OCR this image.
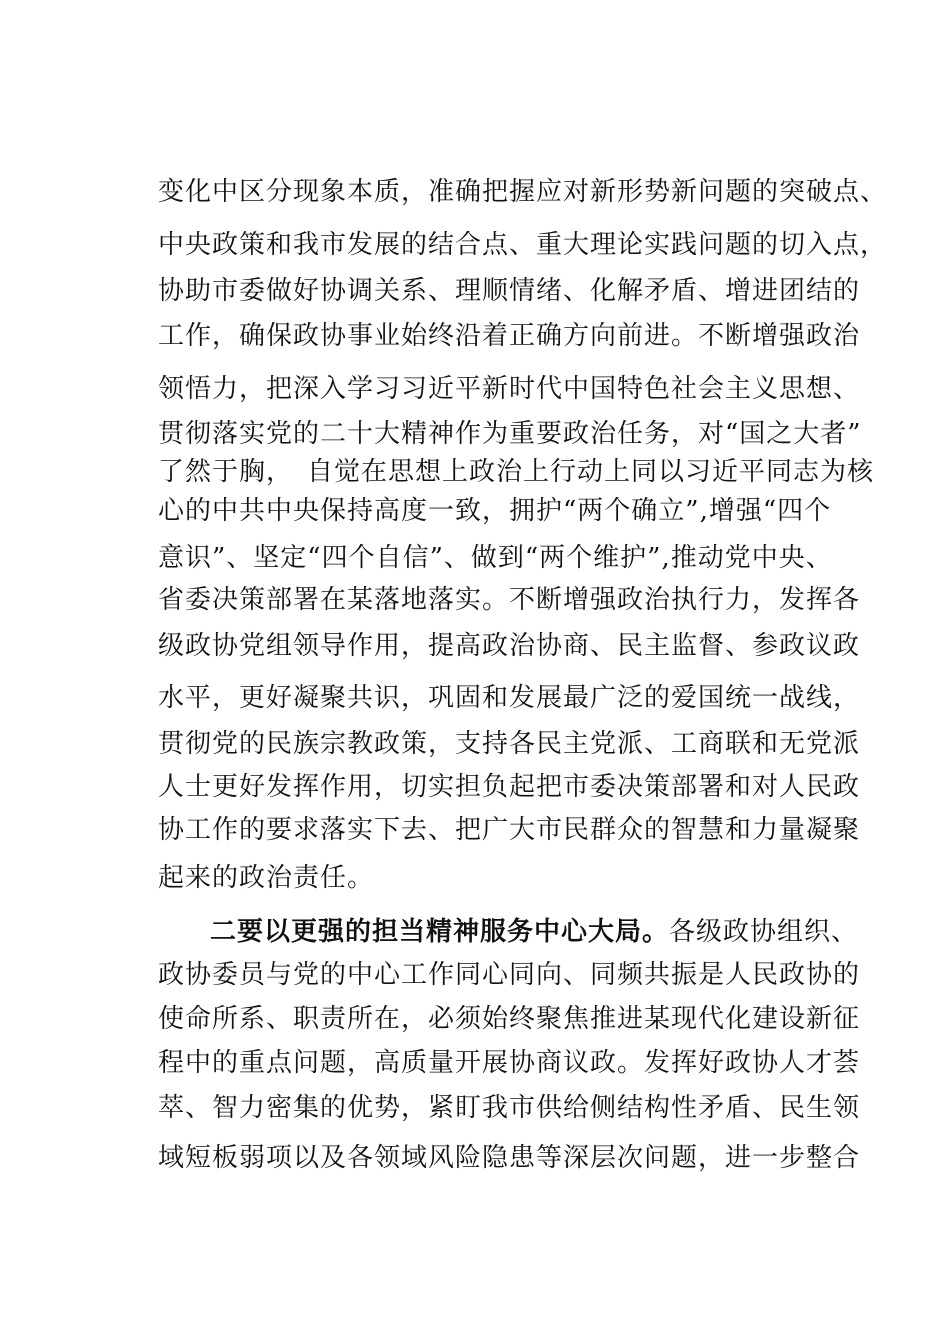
变化中区分现象本质，准确把握应对新形势新问题的突破点、
中央政策和我市发展的结合点、重大理论实践问题的切入点，
协助市委做好协调关系、理顺情绪、化解矛盾、增进团结的
工作，确保政协事业始终沿着正确方向前进。不断增强政治
领悟力，把深入学习习近平新时代中国特色社会主义思想、
贯彻落实党的二十大精神作为重要政治任务，对“国之大者”
了然于胸，　自觉在思想上政治上行动上同以习近平同志为核
心的中共中央保持高度一致，拥护“两个确立”,增强“四个
意识”、坚定“四个自信”、做到“两个维护”,推动党中央、
省委决策部署在某落地落实。不断增强政治执行力，发挥各
级政协党组领导作用，提高政治协商、民主监督、参政议政
水平，更好凝聚共识，巩固和发展最广泛的爱国统一战线，
贯彻党的民族宗教政策，支持各民主党派、工商联和无党派
人士更好发挥作用，切实担负起把市委决策部署和对人民政
协工作的要求落实下去、把广大市民群众的智慧和力量凝聚
起来的政治责任。
二要以更强的担当精神服务中心大局。各级政协组织、
政协委员与党的中心工作同心同向、同频共振是人民政协的
使命所系、职责所在，必须始终聚焦推进某现代化建设新征
程中的重点问题，高质量开展协商议政。发挥好政协人才荟
萃、智力密集的优势，紧盯我市供给侧结构性矛盾、民生领
域短板弱项以及各领域风险隐患等深层次问题，进一步整合
